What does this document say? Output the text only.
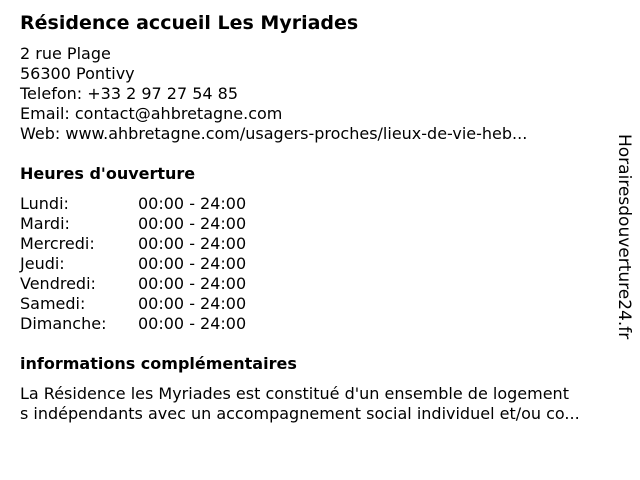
Résidence accueil Les Myriades
2 rue Plage
56300 Pontivy
Telefon: +33 2 97 27 54 85
Email: contact@ahbretagne.com
Web: www.ahbretagne.com/usagers-proches/lieux-de-vie-heb...
Heures d'ouverture
Lundi:	00:00 - 24:00
Mardi:	00:00 - 24:00
Mercredi:	00:00 - 24:00
Jeudi:	00:00 - 24:00
Vendredi:	00:00 - 24:00
Samedi:	00:00 - 24:00
Dimanche: 00:00 - 24:00
informations complémentaires
La Résidence les Myriades est constitué d'un ensemble de logement
s indépendants avec un accompagnement social individuel et/ou co...
Horairesdouverture24.fr
